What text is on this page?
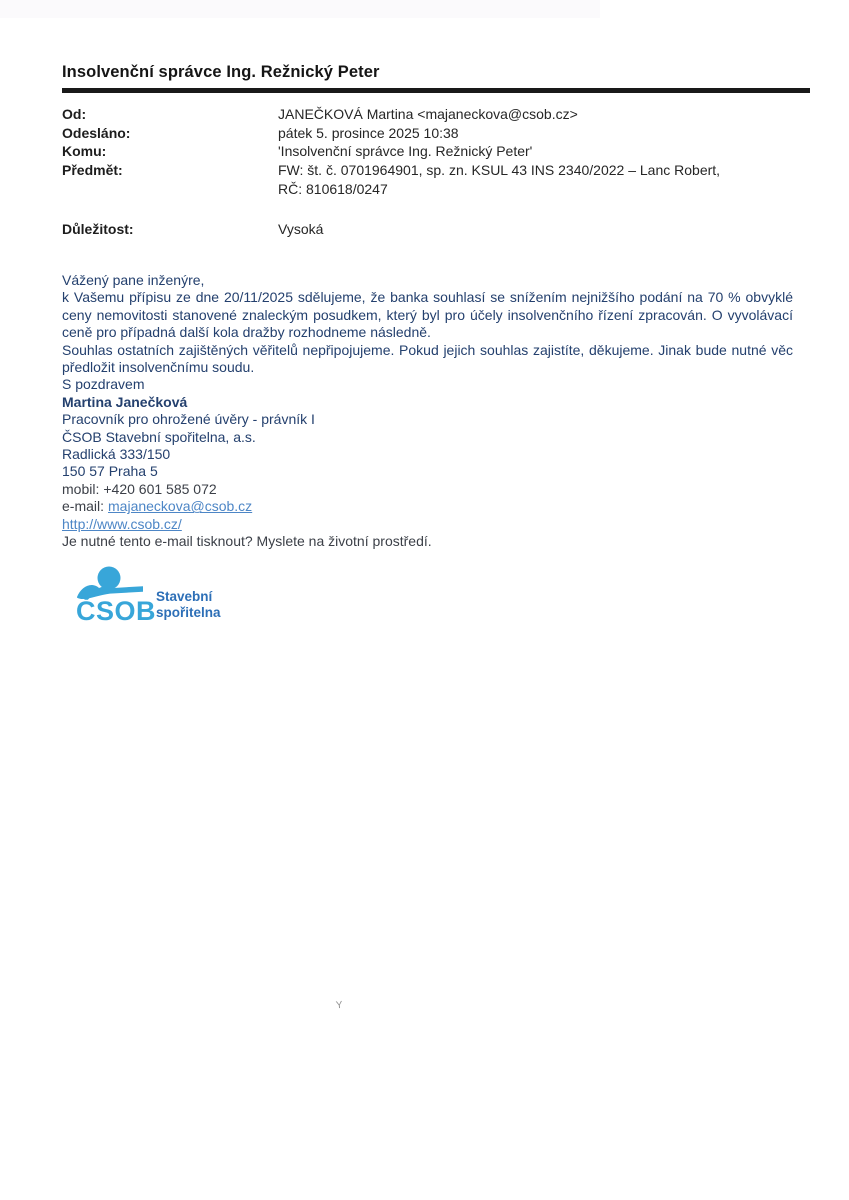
Insolvenční správce Ing. Režnický Peter
Od:	JANEČKOVÁ Martina <majaneckova@csob.cz>
Odesláno:	pátek 5. prosince 2025 10:38
Komu:	'Insolvenční správce Ing. Režnický Peter'
Předmět:	FW: št. č. 0701964901, sp. zn. KSUL 43 INS 2340/2022 – Lanc Robert, RČ: 810618/0247
Důležitost:	Vysoká

Vážený pane inženýre,

k Vašemu přípisu ze dne 20/11/2025 sdělujeme, že banka souhlasí se snížením nejnižšího podání na 70 % obvyklé ceny nemovitosti stanovené znaleckým posudkem, který byl pro účely insolvenčního řízení zpracován. O vyvolávací ceně pro případná další kola dražby rozhodneme následně.

Souhlas ostatních zajištěných věřitelů nepřipojujeme. Pokud jejich souhlas zajistíte, děkujeme. Jinak bude nutné věc předložit insolvenčnímu soudu.

S pozdravem

Martina Janečková

Pracovník pro ohrožené úvěry - právník I

ČSOB Stavební spořitelna, a.s.

Radlická 333/150

150 57 Praha 5

mobil: +420 601 585 072

e-mail: majaneckova@csob.cz

http://www.csob.cz/

Je nutné tento e-mail tisknout? Myslete na životní prostředí.

ČSOB Stavební
spořitelna
Y
